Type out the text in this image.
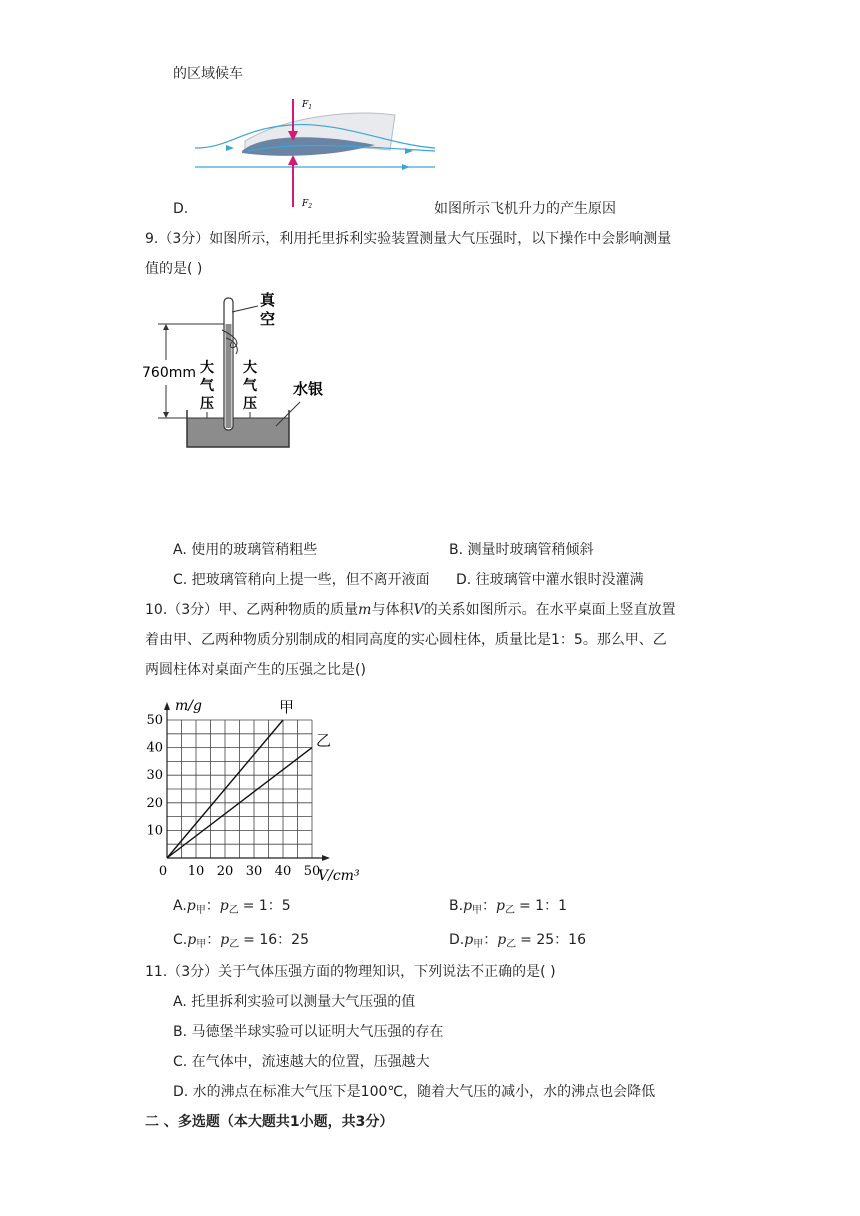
的区域候车
$F_1$
$F_2$
D.	如图所示飞机升力的产生原因
9.（3分）如图所示，利用托里拆利实验装置测量大气压强时，以下操作中会影响测量
值的是( )
760mm 大
气
压
大
气
压
真
空
水银
A. 使用的玻璃管稍粗些	B. 测量时玻璃管稍倾斜
C. 把玻璃管稍向上提一些，但不离开液面 D. 往玻璃管中灌水银时没灌满
10.（3分）甲、乙两种物质的质量m与体积V的关系如图所示。在水平桌面上竖直放置
着由甲、乙两种物质分别制成的相同高度的实心圆柱体，质量比是1：5。那么甲、乙
两圆柱体对桌面产生的压强之比是()
10 20 30 40 50
10
20
30
40
50
0
m/g
V/cm³
甲
乙
$A.p_甲$：$p_乙 = 1$：5	$B.p_甲$：$p_乙 = 1$：1
$C.p_甲$：$p_乙 = 16$：25	$D.p_甲$：$p_乙 = 25$：16
11.（3分）关于气体压强方面的物理知识，下列说法不正确的是( )
A. 托里拆利实验可以测量大气压强的值
B. 马德堡半球实验可以证明大气压强的存在
C. 在气体中，流速越大的位置，压强越大
D. 水的沸点在标准大气压下是100℃，随着大气压的减小，水的沸点也会降低
二 、多选题（本大题共1小题，共3分）
